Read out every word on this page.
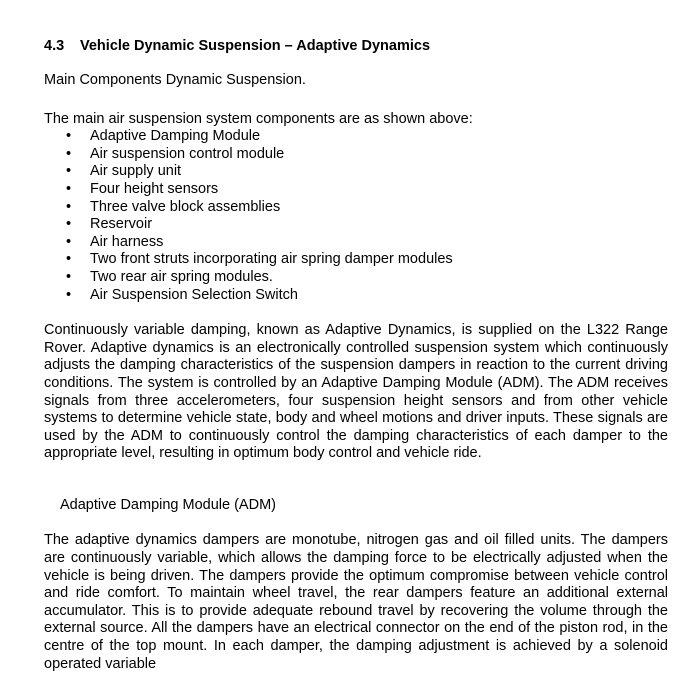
4.3 Vehicle Dynamic Suspension – Adaptive Dynamics

Main Components Dynamic Suspension.

The main air suspension system components are as shown above:

• Adaptive Damping Module
• Air suspension control module
• Air supply unit
• Four height sensors
• Three valve block assemblies
• Reservoir
• Air harness
• Two front struts incorporating air spring damper modules
• Two rear air spring modules.
• Air Suspension Selection Switch

Continuously variable damping, known as Adaptive Dynamics, is supplied on the L322 Range Rover. Adaptive dynamics is an electronically controlled suspension system which continuously adjusts the damping characteristics of the suspension dampers in reaction to the current driving conditions. The system is controlled by an Adaptive Damping Module (ADM). The ADM receives signals from three accelerometers, four suspension height sensors and from other vehicle systems to determine vehicle state, body and wheel motions and driver inputs. These signals are used by the ADM to continuously control the damping characteristics of each damper to the appropriate level, resulting in optimum body control and vehicle ride.

Adaptive Damping Module (ADM)

The adaptive dynamics dampers are monotube, nitrogen gas and oil filled units. The dampers are continuously variable, which allows the damping force to be electrically adjusted when the vehicle is being driven. The dampers provide the optimum compromise between vehicle control and ride comfort. To maintain wheel travel, the rear dampers feature an additional external accumulator. This is to provide adequate rebound travel by recovering the volume through the external source. All the dampers have an electrical connector on the end of the piston rod, in the centre of the top mount. In each damper, the damping adjustment is achieved by a solenoid operated variable
